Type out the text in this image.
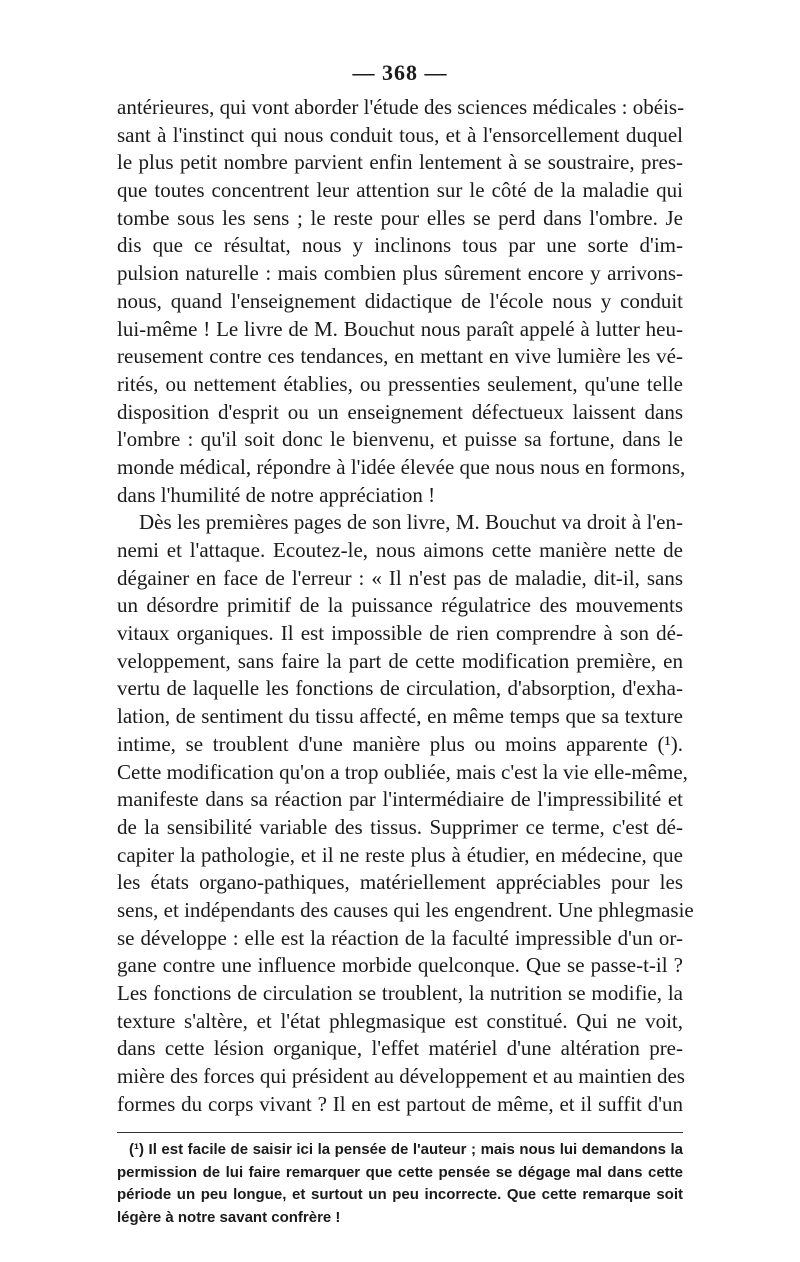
— 368 —
antérieures, qui vont aborder l'étude des sciences médicales : obéis-
sant à l'instinct qui nous conduit tous, et à l'ensorcellement duquel
le plus petit nombre parvient enfin lentement à se soustraire, pres-
que toutes concentrent leur attention sur le côté de la maladie qui
tombe sous les sens ; le reste pour elles se perd dans l'ombre. Je
dis que ce résultat, nous y inclinons tous par une sorte d'im-
pulsion naturelle : mais combien plus sûrement encore y arrivons-
nous, quand l'enseignement didactique de l'école nous y conduit
lui-même ! Le livre de M. Bouchut nous paraît appelé à lutter heu-
reusement contre ces tendances, en mettant en vive lumière les vé-
rités, ou nettement établies, ou pressenties seulement, qu'une telle
disposition d'esprit ou un enseignement défectueux laissent dans
l'ombre : qu'il soit donc le bienvenu, et puisse sa fortune, dans le
monde médical, répondre à l'idée élevée que nous nous en formons,
dans l'humilité de notre appréciation !
Dès les premières pages de son livre, M. Bouchut va droit à l'en-
nemi et l'attaque. Ecoutez-le, nous aimons cette manière nette de
dégainer en face de l'erreur : « Il n'est pas de maladie, dit-il, sans
un désordre primitif de la puissance régulatrice des mouvements
vitaux organiques. Il est impossible de rien comprendre à son dé-
veloppement, sans faire la part de cette modification première, en
vertu de laquelle les fonctions de circulation, d'absorption, d'exha-
lation, de sentiment du tissu affecté, en même temps que sa texture
intime, se troublent d'une manière plus ou moins apparente (¹).
Cette modification qu'on a trop oubliée, mais c'est la vie elle-même,
manifeste dans sa réaction par l'intermédiaire de l'impressibilité et
de la sensibilité variable des tissus. Supprimer ce terme, c'est dé-
capiter la pathologie, et il ne reste plus à étudier, en médecine, que
les états organo-pathiques, matériellement appréciables pour les
sens, et indépendants des causes qui les engendrent. Une phlegmasie
se développe : elle est la réaction de la faculté impressible d'un or-
gane contre une influence morbide quelconque. Que se passe-t-il ?
Les fonctions de circulation se troublent, la nutrition se modifie, la
texture s'altère, et l'état phlegmasique est constitué. Qui ne voit,
dans cette lésion organique, l'effet matériel d'une altération pre-
mière des forces qui président au développement et au maintien des
formes du corps vivant ? Il en est partout de même, et il suffit d'un
(¹) Il est facile de saisir ici la pensée de l'auteur ; mais nous lui demandons la
permission de lui faire remarquer que cette pensée se dégage mal dans cette
période un peu longue, et surtout un peu incorrecte. Que cette remarque soit
légère à notre savant confrère !
